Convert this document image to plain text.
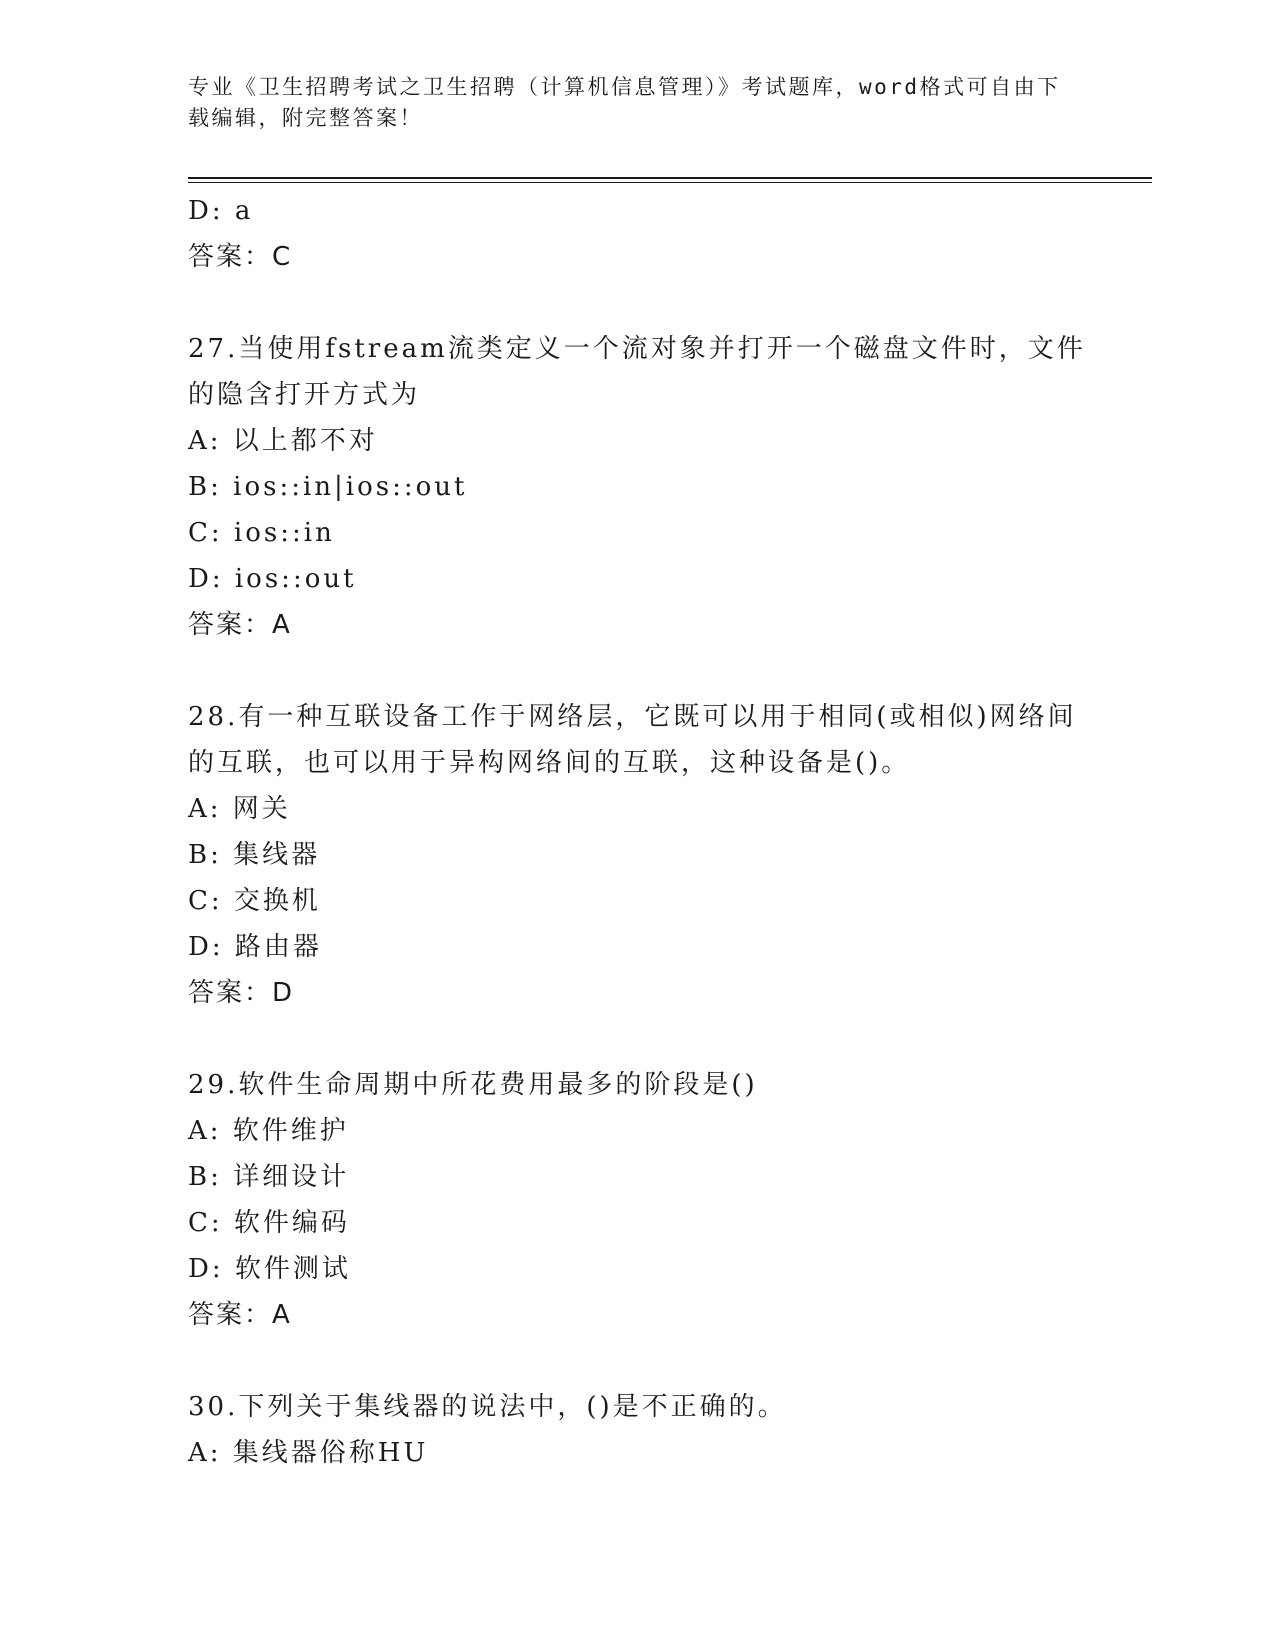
专业《卫生招聘考试之卫生招聘（计算机信息管理）》考试题库，word格式可自由下载编辑，附完整答案！
D: a
答案：C
27.当使用fstream流类定义一个流对象并打开一个磁盘文件时，文件的隐含打开方式为
A: 以上都不对
B: ios::in|ios::out
C: ios::in
D: ios::out
答案：A
28.有一种互联设备工作于网络层，它既可以用于相同(或相似)网络间的互联，也可以用于异构网络间的互联，这种设备是()。
A: 网关
B: 集线器
C: 交换机
D: 路由器
答案：D
29.软件生命周期中所花费用最多的阶段是()
A: 软件维护
B: 详细设计
C: 软件编码
D: 软件测试
答案：A
30.下列关于集线器的说法中，()是不正确的。
A: 集线器俗称HU
